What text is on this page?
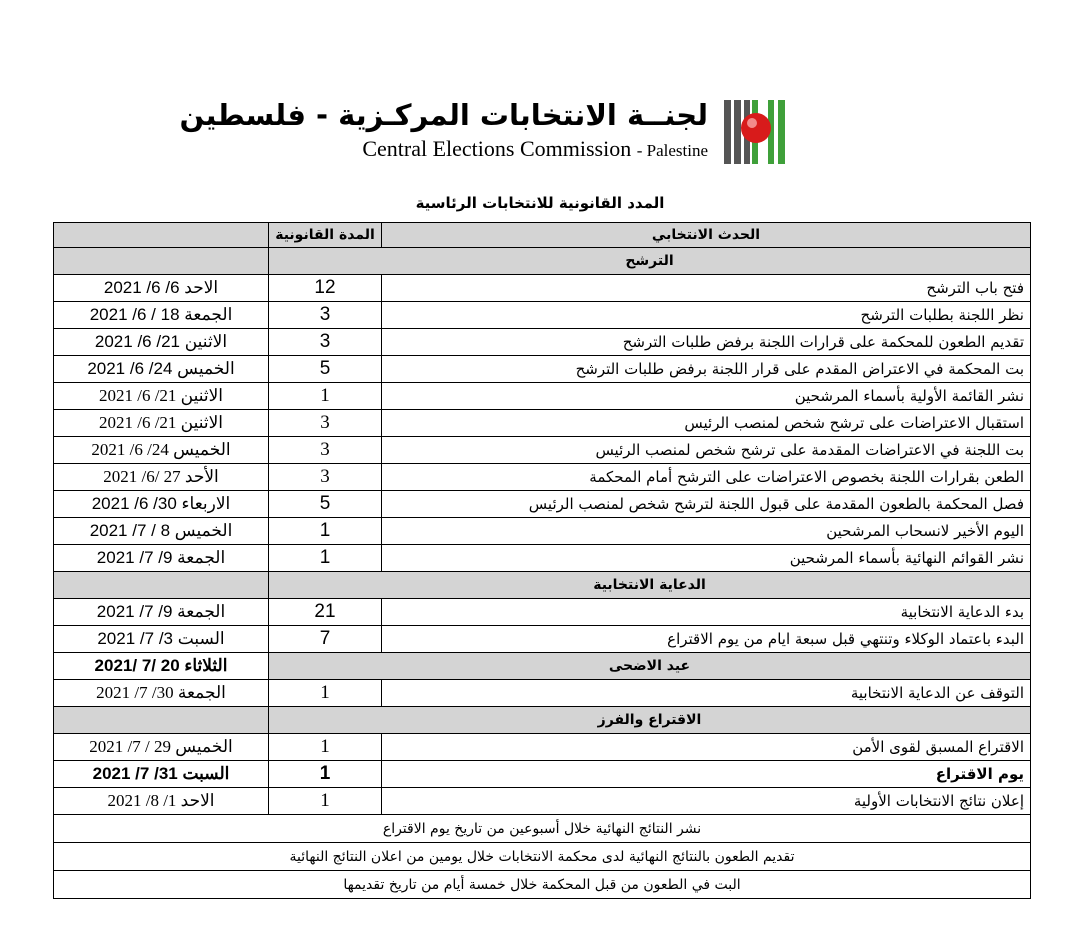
لجنــة الانتخابات المركـزية - فلسطين
Central Elections Commission - Palestine
المدد القانونية للانتخابات الرئاسية
	المدة القانونية	الحدث الانتخابي
	الترشح	
الاحد 6/ 6/ 2021	12	فتح باب الترشح
الجمعة 18 / 6/ 2021	3	نظر اللجنة بطلبات الترشح
الاثنين 21/ 6/ 2021	3	تقديم الطعون للمحكمة على قرارات اللجنة برفض طلبات الترشح
الخميس 24/ 6/ 2021	5	بت المحكمة في الاعتراض المقدم على قرار اللجنة برفض طلبات الترشح
الاثنين 21/ 6/ 2021	1	نشر القائمة الأولية بأسماء المرشحين
الاثنين 21/ 6/ 2021	3	استقبال الاعتراضات على ترشح شخص لمنصب الرئيس
الخميس 24/ 6/ 2021	3	بت اللجنة في الاعتراضات المقدمة على ترشح شخص لمنصب الرئيس
الأحد 27 /6/ 2021	3	الطعن بقرارات اللجنة بخصوص الاعتراضات على الترشح أمام المحكمة
الاربعاء 30/ 6/ 2021	5	فصل المحكمة بالطعون المقدمة على قبول اللجنة لترشح شخص لمنصب الرئيس
الخميس 8 / 7/ 2021	1	اليوم الأخير لانسحاب المرشحين
الجمعة 9/ 7/ 2021	1	نشر القوائم النهائية بأسماء المرشحين
	الدعاية الانتخابية	
الجمعة 9/ 7/ 2021	21	بدء الدعاية الانتخابية
السبت 3/ 7/ 2021	7	البدء باعتماد الوكلاء وتنتهي قبل سبعة ايام من يوم الاقتراع
الثلاثاء 20 /7 /2021	عيد الاضحى	
الجمعة 30/ 7/ 2021	1	التوقف عن الدعاية الانتخابية
	الاقتراع والفرز	
الخميس 29 / 7/ 2021	1	الاقتراع المسبق لقوى الأمن
السبت 31/ 7/ 2021	1	يوم الاقتراع
الاحد 1/ 8/ 2021	1	إعلان نتائج الانتخابات الأولية
نشر النتائج النهائية خلال أسبوعين من تاريخ يوم الاقتراع		
تقديم الطعون بالنتائج النهائية لدى محكمة الانتخابات خلال يومين من اعلان النتائج النهائية		
البت في الطعون من قبل المحكمة خلال خمسة أيام من تاريخ تقديمها		
